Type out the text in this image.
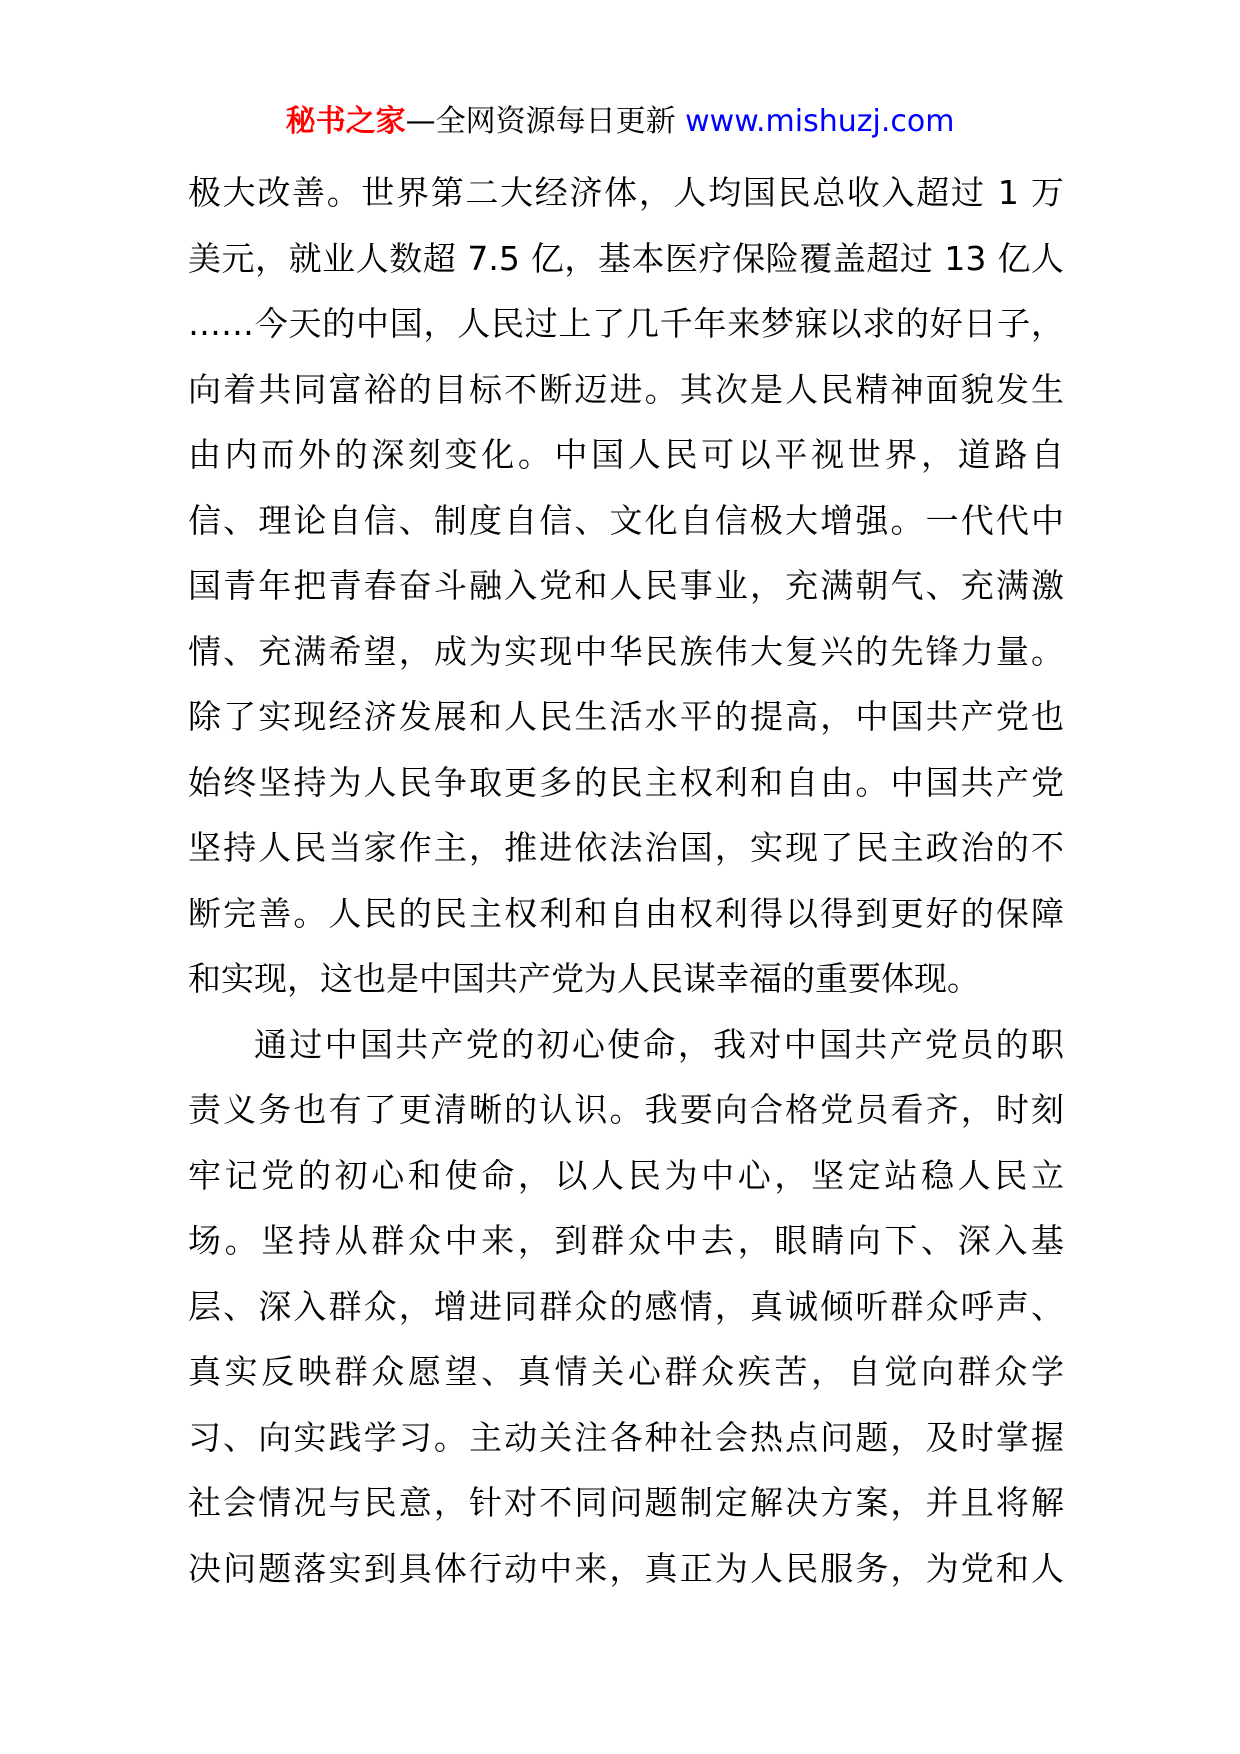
秘书之家—全网资源每日更新 www.mishuzj.com
极大改善。世界第二大经济体，人均国民总收入超过 1 万
美元，就业人数超 7.5 亿，基本医疗保险覆盖超过 13 亿人
……今天的中国，人民过上了几千年来梦寐以求的好日子，
向着共同富裕的目标不断迈进。其次是人民精神面貌发生
由内而外的深刻变化。中国人民可以平视世界，道路自
信、理论自信、制度自信、文化自信极大增强。一代代中
国青年把青春奋斗融入党和人民事业，充满朝气、充满激
情、充满希望，成为实现中华民族伟大复兴的先锋力量。
除了实现经济发展和人民生活水平的提高，中国共产党也
始终坚持为人民争取更多的民主权利和自由。中国共产党
坚持人民当家作主，推进依法治国，实现了民主政治的不
断完善。人民的民主权利和自由权利得以得到更好的保障
和实现，这也是中国共产党为人民谋幸福的重要体现。
通过中国共产党的初心使命，我对中国共产党员的职
责义务也有了更清晰的认识。我要向合格党员看齐，时刻
牢记党的初心和使命，以人民为中心，坚定站稳人民立
场。坚持从群众中来，到群众中去，眼睛向下、深入基
层、深入群众，增进同群众的感情，真诚倾听群众呼声、
真实反映群众愿望、真情关心群众疾苦，自觉向群众学
习、向实践学习。主动关注各种社会热点问题，及时掌握
社会情况与民意，针对不同问题制定解决方案，并且将解
决问题落实到具体行动中来，真正为人民服务，为党和人
